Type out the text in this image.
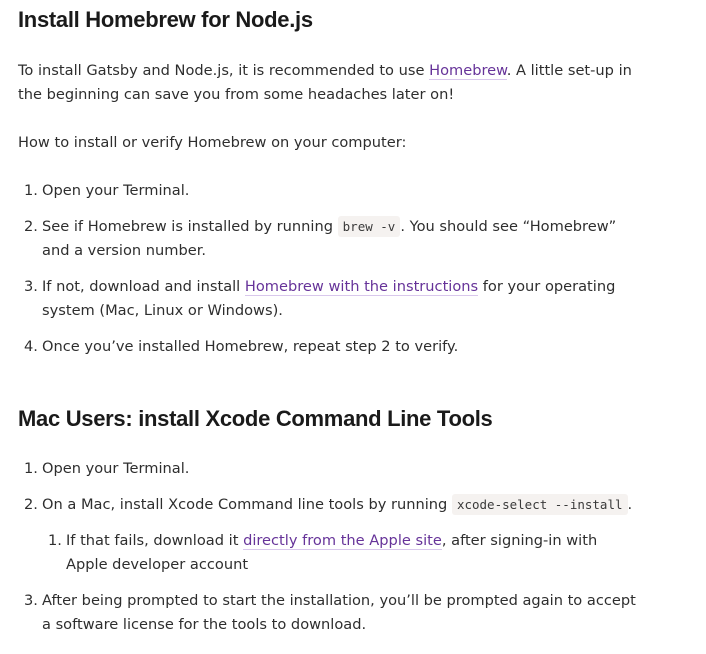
Install Homebrew for Node.js

To install Gatsby and Node.js, it is recommended to use Homebrew. A little set-up in the beginning can save you from some headaches later on!

How to install or verify Homebrew on your computer:

1. Open your Terminal.
2. See if Homebrew is installed by running brew -v . You should see “Homebrew” and a version number.
3. If not, download and install Homebrew with the instructions for your operating system (Mac, Linux or Windows).
4. Once you’ve installed Homebrew, repeat step 2 to verify.
Mac Users: install Xcode Command Line Tools
1. Open your Terminal.
2. On a Mac, install Xcode Command line tools by running xcode-select --install .
3. After being prompted to start the installation, you’ll be prompted again to accept a software license for the tools to download.
1. If that fails, download it directly from the Apple site, after signing-in with Apple developer account
